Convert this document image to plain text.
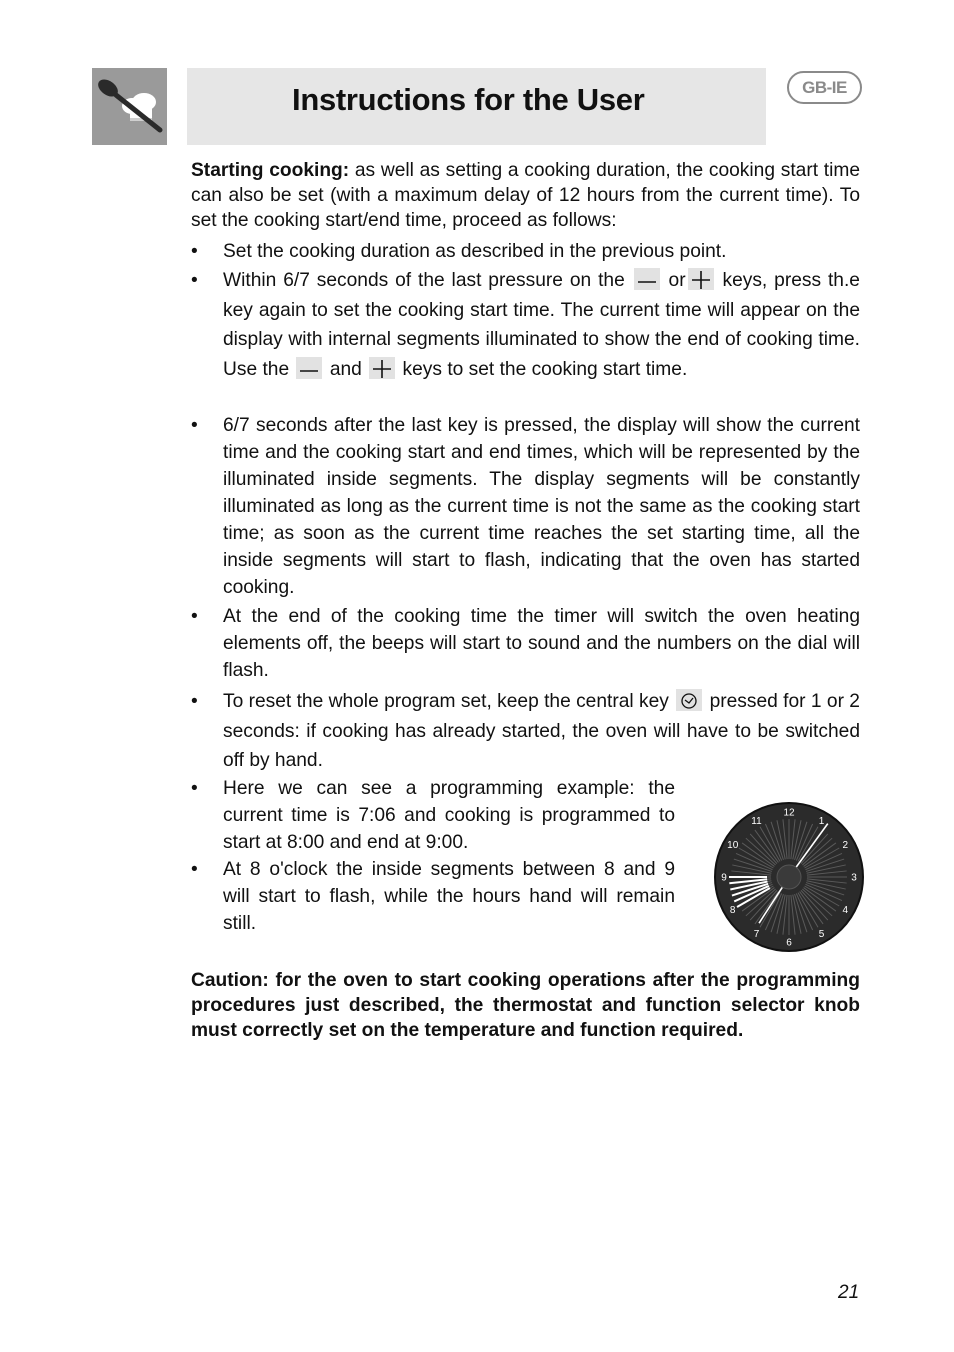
Instructions for the User	GB-IE
Starting cooking: as well as setting a cooking duration, the cooking start time can also be set (with a maximum delay of 12 hours from the current time). To set the cooking start/end time, proceed as follows:
•	Set the cooking duration as described in the previous point.
•	Within 6/7 seconds of the last pressure on the or keys, press th.e key again to set the cooking start time. The current time will appear on the display with internal segments illuminated to show the end of cooking time. Use the and keys to set the cooking start time.
•	6/7 seconds after the last key is pressed, the display will show the current time and the cooking start and end times, which will be represented by the illuminated inside segments. The display segments will be constantly illuminated as long as the current time is not the same as the cooking start time; as soon as the current time reaches the set starting time, all the inside segments will start to flash, indicating that the oven has started cooking.
•	At the end of the cooking time the timer will switch the oven heating elements off, the beeps will start to sound and the numbers on the dial will flash.
•	To reset the whole program set, keep the central key pressed for 1 or 2 seconds: if cooking has already started, the oven will have to be switched off by hand.
•	Here we can see a programming example: the current time is 7:06 and cooking is programmed to start at 8:00 and end at 9:00.
•	At 8 o'clock the inside segments between 8 and 9 will start to flash, while the hours hand will remain still.
12
1
2
3
4
5
6
7
8
9
10
11
Caution: for the oven to start cooking operations after the programming procedures just described, the thermostat and function selector knob must correctly set on the temperature and function required.
21
